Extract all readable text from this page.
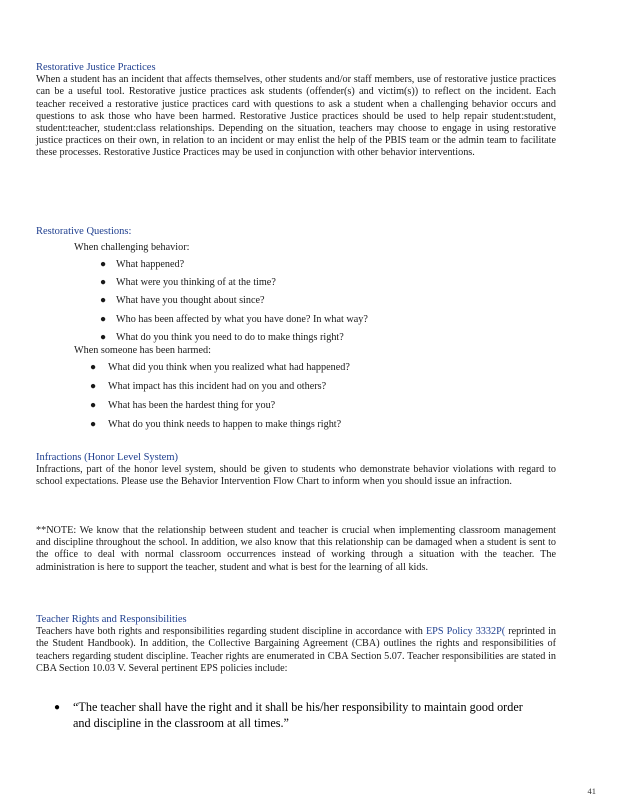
Restorative Justice Practices

When a student has an incident that affects themselves, other students and/or staff members, use of restorative justice practices can be a useful tool. Restorative justice practices ask students (offender(s) and victim(s)) to reflect on the incident. Each teacher received a restorative justice practices card with questions to ask a student when a challenging behavior occurs and questions to ask those who have been harmed. Restorative Justice practices should be used to help repair student:student, student:teacher, student:class relationships. Depending on the situation, teachers may choose to engage in using restorative justice practices on their own, in relation to an incident or may enlist the help of the PBIS team or the admin team to facilitate these processes. Restorative Justice Practices may be used in conjunction with other behavior interventions.

Restorative Questions:
When challenging behavior:
● What happened?
● What were you thinking of at the time?
● What have you thought about since?
● Who has been affected by what you have done? In what way?
● What do you think you need to do to make things right?
When someone has been harmed:
● What did you think when you realized what had happened?
● What impact has this incident had on you and others?
● What has been the hardest thing for you?
● What do you think needs to happen to make things right?
Infractions (Honor Level System)

Infractions, part of the honor level system, should be given to students who demonstrate behavior violations with regard to school expectations. Please use the Behavior Intervention Flow Chart to inform when you should issue an infraction.

**NOTE: We know that the relationship between student and teacher is crucial when implementing classroom management and discipline throughout the school. In addition, we also know that this relationship can be damaged when a student is sent to the office to deal with normal classroom occurrences instead of working through a situation with the teacher. The administration is here to support the teacher, student and what is best for the learning of all kids.

Teacher Rights and Responsibilities

Teachers have both rights and responsibilities regarding student discipline in accordance with EPS Policy 3332P( reprinted in the Student Handbook). In addition, the Collective Bargaining Agreement (CBA) outlines the rights and responsibilities of teachers regarding student discipline. Teacher rights are enumerated in CBA Section 5.07. Teacher responsibilities are stated in CBA Section 10.03 V. Several pertinent EPS policies include:

●	“The teacher shall have the right and it shall be his/her responsibility to maintain good order and discipline in the classroom at all times.”
41
